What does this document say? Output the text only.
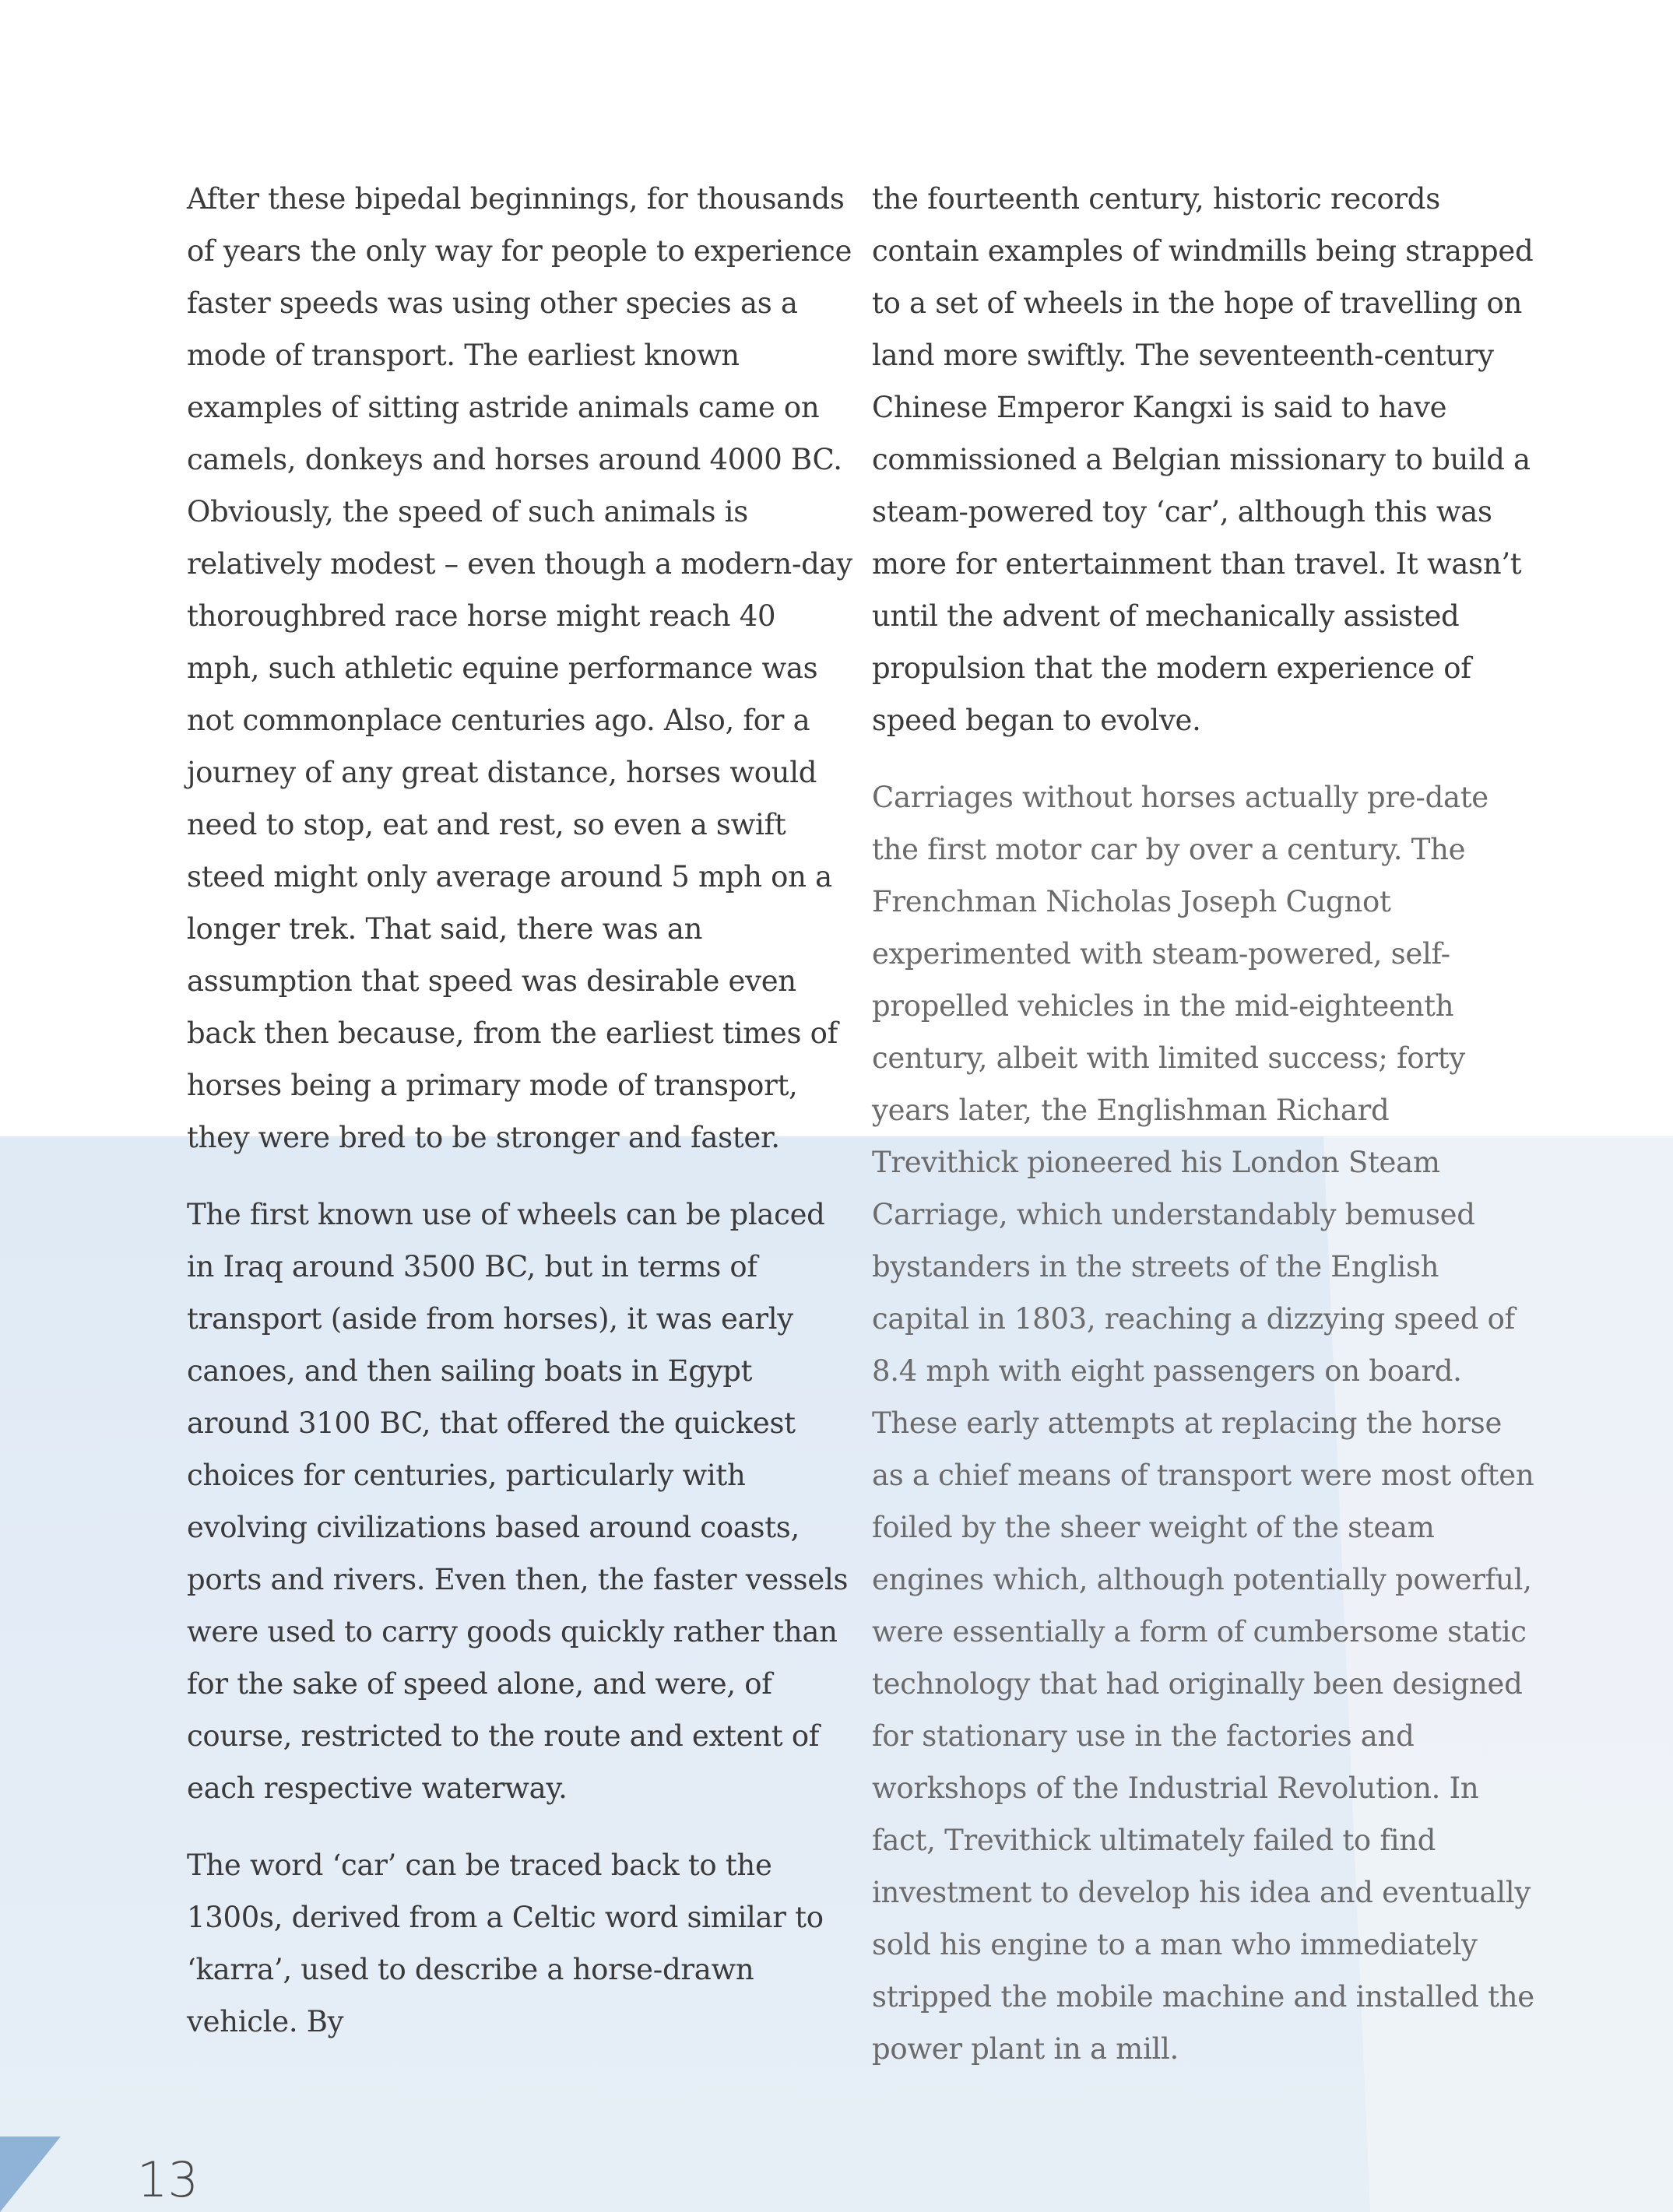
After these bipedal beginnings, for thousands of years the only way for people to experience faster speeds was using other species as a mode of transport. The earliest known examples of sitting astride animals came on camels, donkeys and horses around 4000 BC. Obviously, the speed of such animals is relatively modest – even though a modern-day thoroughbred race horse might reach 40 mph, such athletic equine performance was not commonplace centuries ago. Also, for a journey of any great distance, horses would need to stop, eat and rest, so even a swift steed might only average around 5 mph on a longer trek. That said, there was an assumption that speed was desirable even back then because, from the earliest times of horses being a primary mode of transport, they were bred to be stronger and faster.

The first known use of wheels can be placed in Iraq around 3500 BC, but in terms of transport (aside from horses), it was early canoes, and then sailing boats in Egypt around 3100 BC, that offered the quickest choices for centuries, particularly with evolving civilizations based around coasts, ports and rivers. Even then, the faster vessels were used to carry goods quickly rather than for the sake of speed alone, and were, of course, restricted to the route and extent of each respective waterway.

The word ‘car’ can be traced back to the 1300s, derived from a Celtic word similar to ‘karra’, used to describe a horse-drawn vehicle. By

the fourteenth century, historic records contain examples of windmills being strapped to a set of wheels in the hope of travelling on land more swiftly. The seventeenth-century Chinese Emperor Kangxi is said to have commissioned a Belgian missionary to build a steam-powered toy ‘car’, although this was more for entertainment than travel. It wasn’t until the advent of mechanically assisted propulsion that the modern experience of speed began to evolve.

Carriages without horses actually pre-date the first motor car by over a century. The Frenchman Nicholas Joseph Cugnot experimented with steam-powered, self-propelled vehicles in the mid-eighteenth century, albeit with limited success; forty years later, the Englishman Richard Trevithick pioneered his London Steam Carriage, which understandably bemused bystanders in the streets of the English capital in 1803, reaching a dizzying speed of 8.4 mph with eight passengers on board. These early attempts at replacing the horse as a chief means of transport were most often foiled by the sheer weight of the steam engines which, although potentially powerful, were essentially a form of cumbersome static technology that had originally been designed for stationary use in the factories and workshops of the Industrial Revolution. In fact, Trevithick ultimately failed to find investment to develop his idea and eventually sold his engine to a man who immediately stripped the mobile machine and installed the power plant in a mill.

13
